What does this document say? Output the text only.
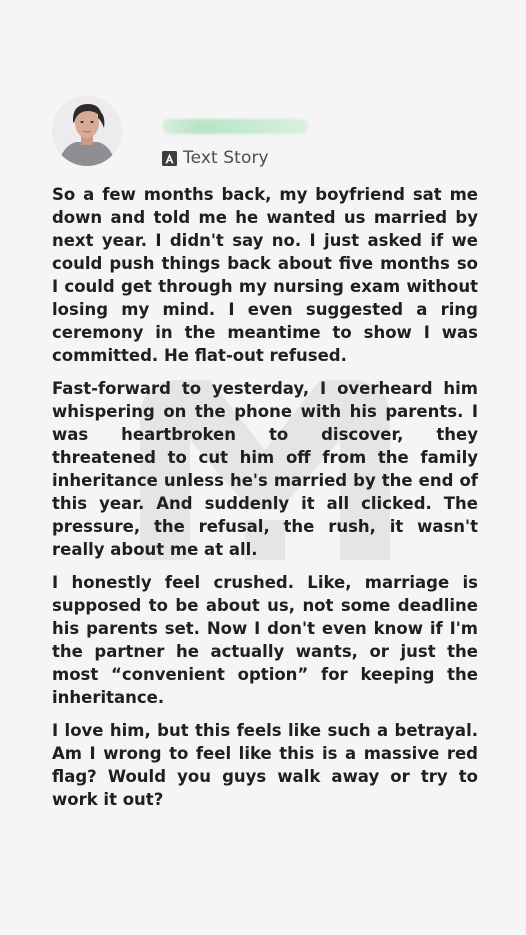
Text Story

So a few months back, my boyfriend sat me down and told me he wanted us married by next year. I didn't say no. I just asked if we could push things back about five months so I could get through my nursing exam without losing my mind. I even suggested a ring ceremony in the meantime to show I was committed. He flat-out refused.

Fast-forward to yesterday, I overheard him whispering on the phone with his parents. I was heartbroken to discover, they threatened to cut him off from the family inheritance unless he's married by the end of this year. And suddenly it all clicked. The pressure, the refusal, the rush, it wasn't really about me at all.

I honestly feel crushed. Like, marriage is supposed to be about us, not some deadline his parents set. Now I don't even know if I'm the partner he actually wants, or just the most “convenient option” for keeping the inheritance.

I love him, but this feels like such a betrayal. Am I wrong to feel like this is a massive red flag? Would you guys walk away or try to work it out?
